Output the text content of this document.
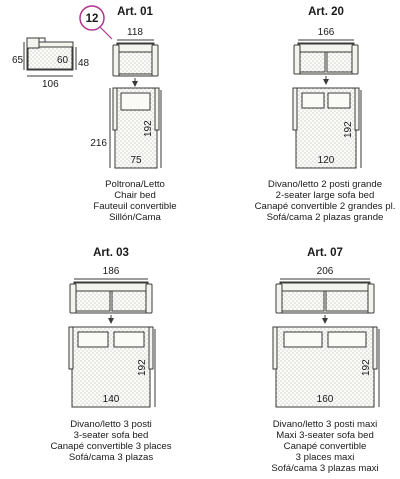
65	60 48
106
12
Art. 01
118
192
216
75
Poltrona/Letto
Chair bed
Fauteuil convertible
Sillón/Cama
Art. 20
166
192
120
Divano/letto 2 posti grande
2-seater large sofa bed
Canapé convertible 2 grandes pl.
Sofá/cama 2 plazas grande
Art. 03
186
192
140
Divano/letto 3 posti
3-seater sofa bed
Canapé convertible 3 places
Sofá/cama 3 plazas
Art. 07
206
192
160
Divano/letto 3 posti maxi
Maxi 3-seater sofa bed
Canapé convertible
3 places maxi
Sofá/cama 3 plazas maxi
